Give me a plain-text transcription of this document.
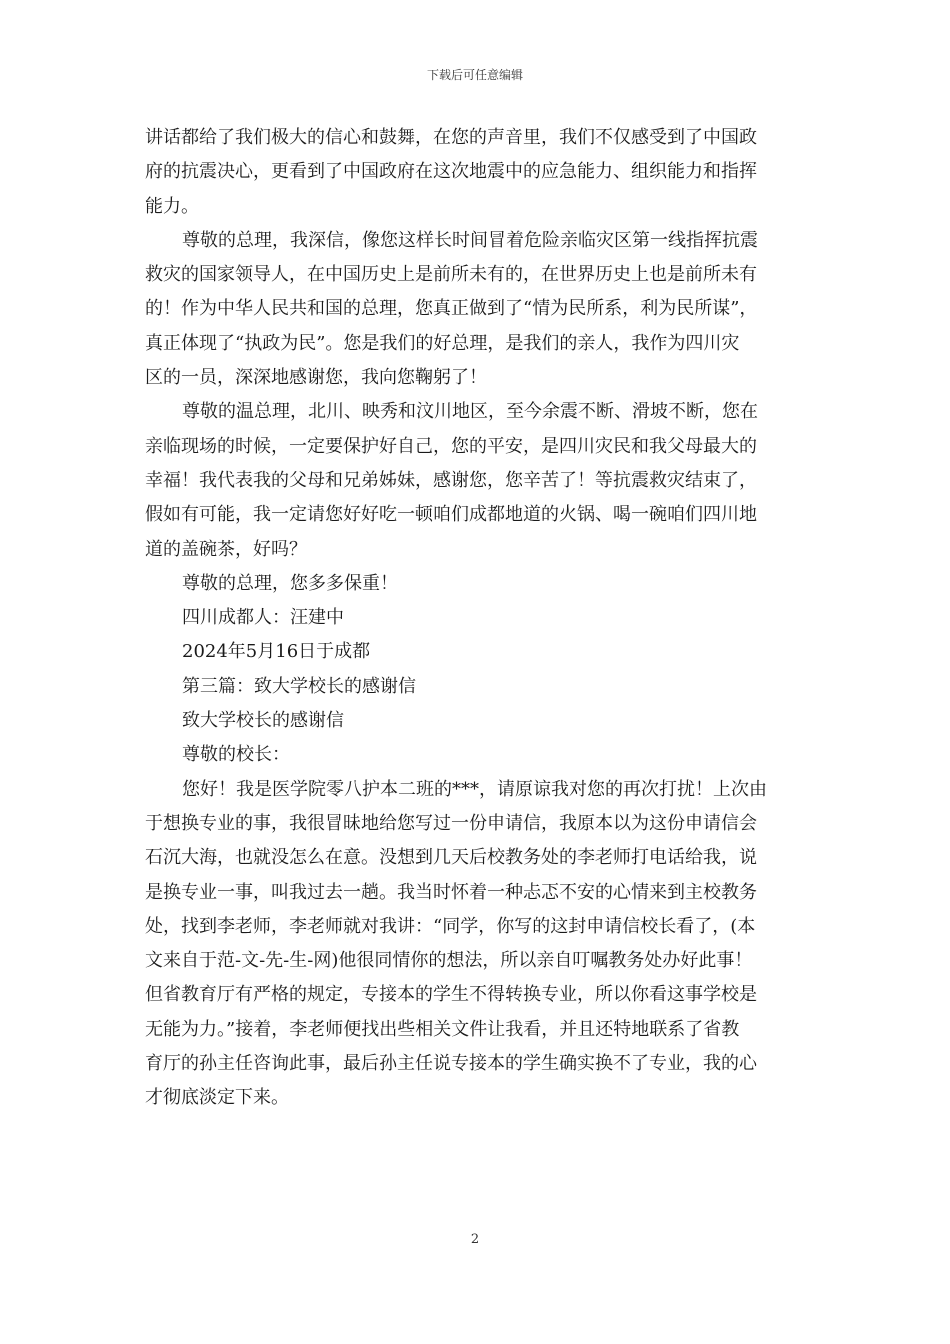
下载后可任意编辑
讲话都给了我们极大的信心和鼓舞，在您的声音里，我们不仅感受到了中国政
府的抗震决心，更看到了中国政府在这次地震中的应急能力、组织能力和指挥
能力。
尊敬的总理，我深信，像您这样长时间冒着危险亲临灾区第一线指挥抗震
救灾的国家领导人，在中国历史上是前所未有的，在世界历史上也是前所未有
的！作为中华人民共和国的总理，您真正做到了“情为民所系，利为民所谋”，
真正体现了“执政为民”。您是我们的好总理，是我们的亲人，我作为四川灾
区的一员，深深地感谢您，我向您鞠躬了！
尊敬的温总理，北川、映秀和汶川地区，至今余震不断、滑坡不断，您在
亲临现场的时候，一定要保护好自己，您的平安，是四川灾民和我父母最大的
幸福！我代表我的父母和兄弟姊妹，感谢您，您辛苦了！等抗震救灾结束了，
假如有可能，我一定请您好好吃一顿咱们成都地道的火锅、喝一碗咱们四川地
道的盖碗茶，好吗？
尊敬的总理，您多多保重！
四川成都人：汪建中
2024年5月16日于成都
第三篇：致大学校长的感谢信
致大学校长的感谢信
尊敬的校长：
您好！我是医学院零八护本二班的***，请原谅我对您的再次打扰！上次由
于想换专业的事，我很冒昧地给您写过一份申请信，我原本以为这份申请信会
石沉大海，也就没怎么在意。没想到几天后校教务处的李老师打电话给我，说
是换专业一事，叫我过去一趟。我当时怀着一种忐忑不安的心情来到主校教务
处，找到李老师，李老师就对我讲：“同学，你写的这封申请信校长看了，(本
文来自于范-文-先-生-网)他很同情你的想法，所以亲自叮嘱教务处办好此事！
但省教育厅有严格的规定，专接本的学生不得转换专业，所以你看这事学校是
无能为力。”接着，李老师便找出些相关文件让我看，并且还特地联系了省教
育厅的孙主任咨询此事，最后孙主任说专接本的学生确实换不了专业，我的心
才彻底淡定下来。
2
